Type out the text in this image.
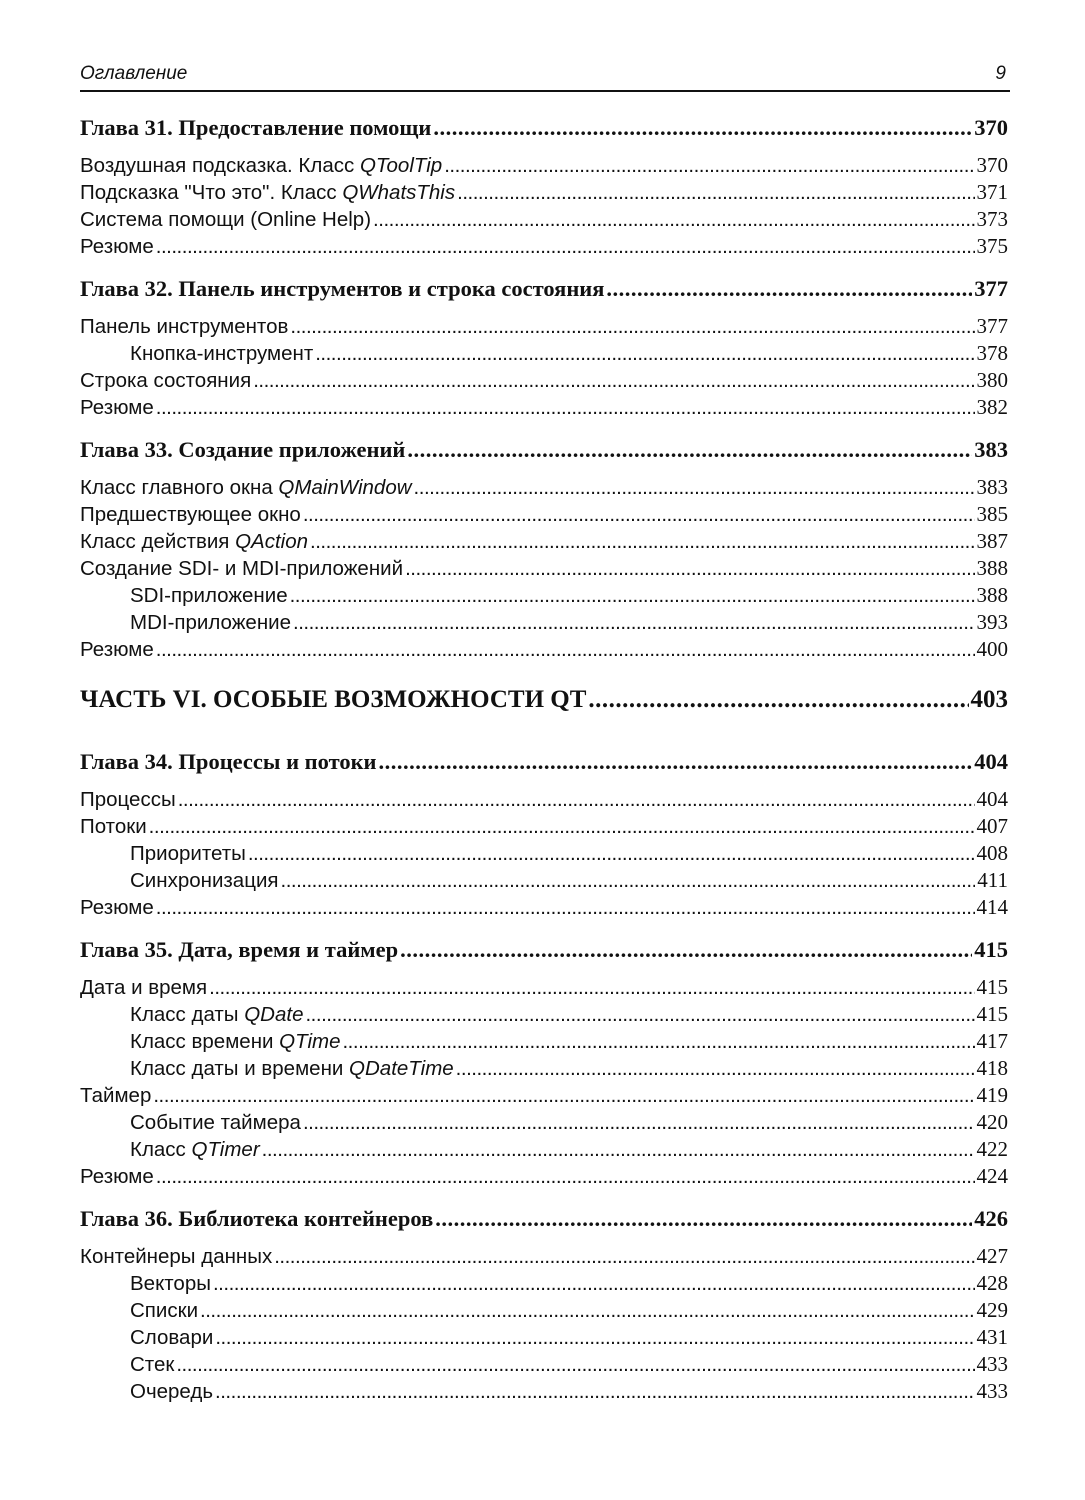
Оглавление	9
Глава 31. Предоставление помощи .....	370
Воздушная подсказка. Класс QToolTip .....	370
Подсказка "Что это". Класс QWhatsThis .....	371
Система помощи (Online Help) .....	373
Резюме .....	375
Глава 32. Панель инструментов и строка состояния .....	377
Панель инструментов .....	377
Кнопка-инструмент .....	378
Строка состояния .....	380
Резюме .....	382
Глава 33. Создание приложений .....	383
Класс главного окна QMainWindow .....	383
Предшествующее окно .....	385
Класс действия QAction .....	387
Создание SDI- и MDI-приложений .....	388
SDI-приложение .....	388
MDI-приложение .....	393
Резюме .....	400
ЧАСТЬ VI. ОСОБЫЕ ВОЗМОЖНОСТИ QT .....	403
Глава 34. Процессы и потоки .....	404
Процессы .....	404
Потоки .....	407
Приоритеты .....	408
Синхронизация .....	411
Резюме .....	414
Глава 35. Дата, время и таймер .....	415
Дата и время .....	415
Класс даты QDate .....	415
Класс времени QTime .....	417
Класс даты и времени QDateTime .....	418
Таймер .....	419
Событие таймера .....	420
Класс QTimer .....	422
Резюме .....	424
Глава 36. Библиотека контейнеров .....	426
Контейнеры данных .....	427
Векторы .....	428
Списки .....	429
Словари .....	431
Стек .....	433
Очередь .....	433
